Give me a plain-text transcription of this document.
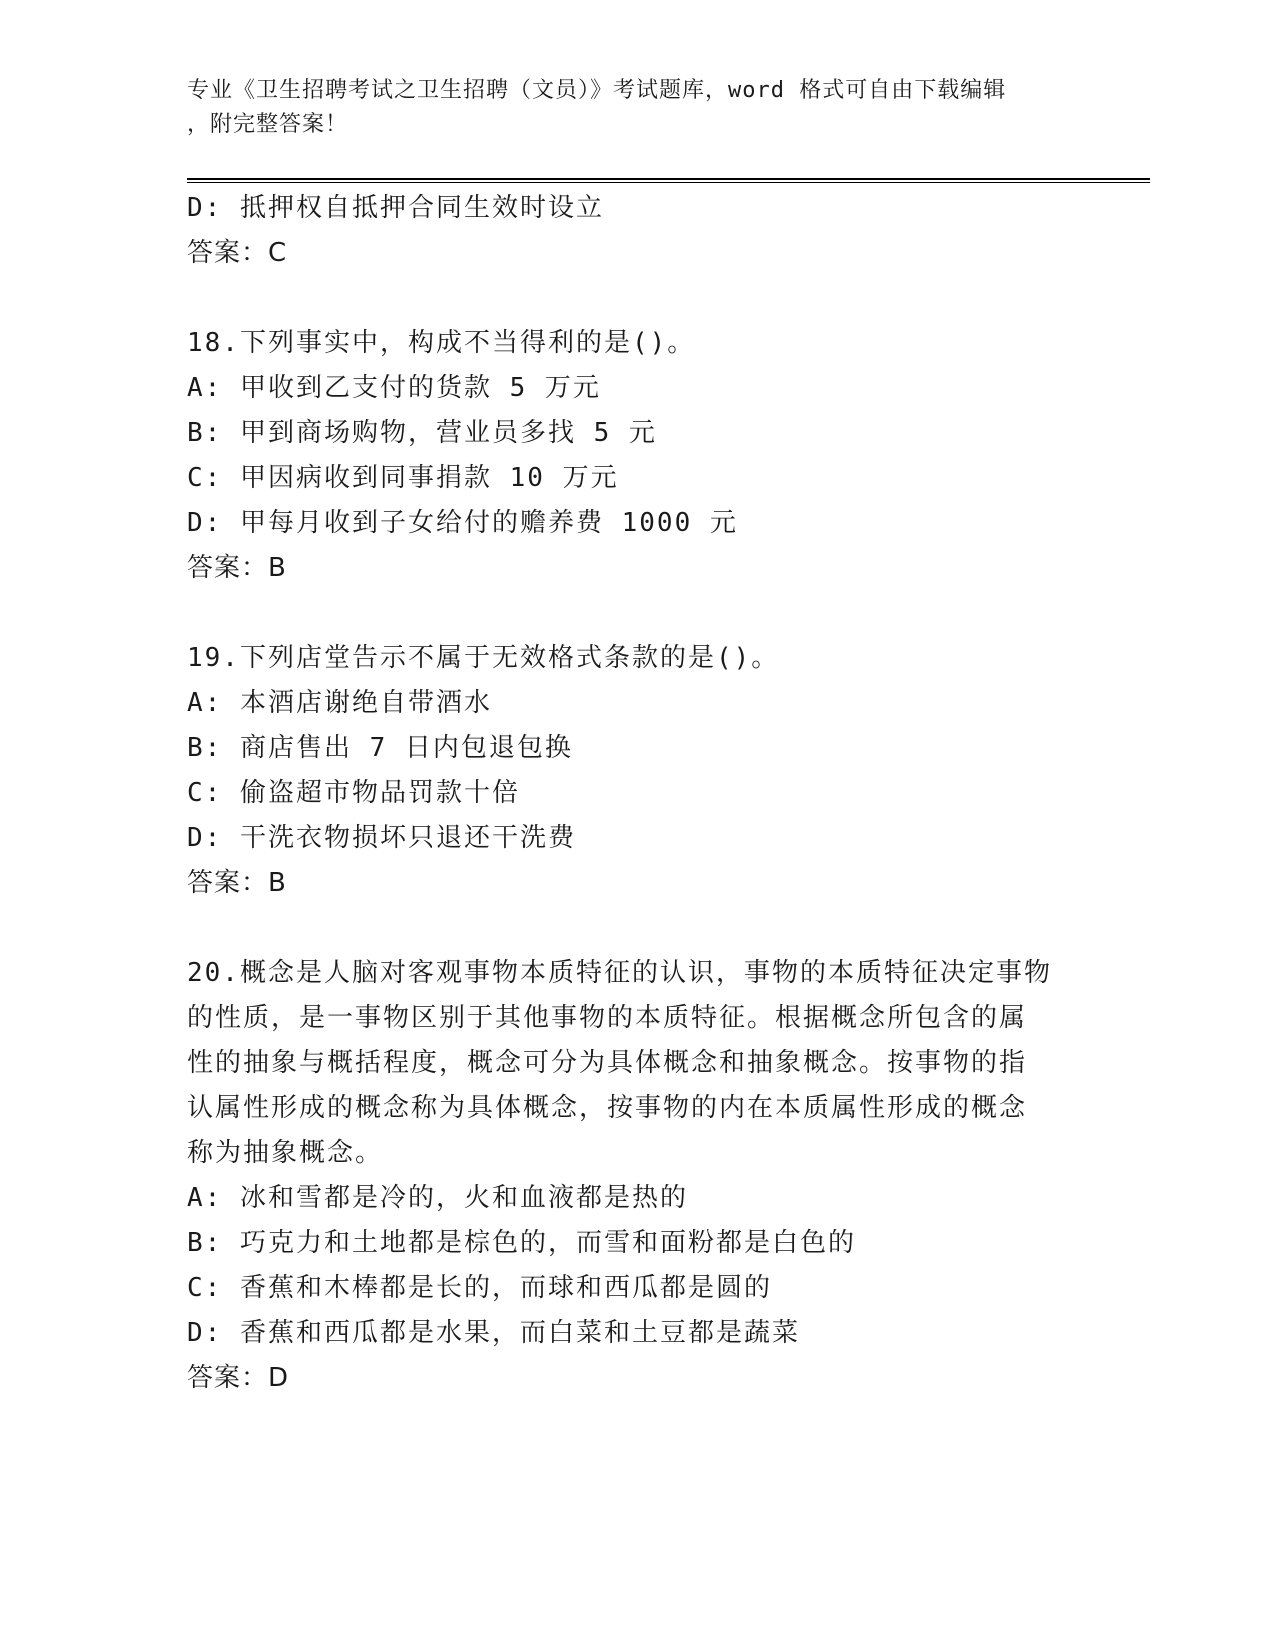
专业《卫生招聘考试之卫生招聘（文员）》考试题库，word 格式可自由下载编辑
，附完整答案！
D: 抵押权自抵押合同生效时设立
答案：C
18.下列事实中，构成不当得利的是()。
A: 甲收到乙支付的货款 5 万元
B: 甲到商场购物，营业员多找 5 元
C: 甲因病收到同事捐款 10 万元
D: 甲每月收到子女给付的赡养费 1000 元
答案：B
19.下列店堂告示不属于无效格式条款的是()。
A: 本酒店谢绝自带酒水
B: 商店售出 7 日内包退包换
C: 偷盗超市物品罚款十倍
D: 干洗衣物损坏只退还干洗费
答案：B
20.概念是人脑对客观事物本质特征的认识，事物的本质特征决定事物
的性质，是一事物区别于其他事物的本质特征。根据概念所包含的属
性的抽象与概括程度，概念可分为具体概念和抽象概念。按事物的指
认属性形成的概念称为具体概念，按事物的内在本质属性形成的概念
称为抽象概念。
A: 冰和雪都是冷的，火和血液都是热的
B: 巧克力和土地都是棕色的，而雪和面粉都是白色的
C: 香蕉和木棒都是长的，而球和西瓜都是圆的
D: 香蕉和西瓜都是水果，而白菜和土豆都是蔬菜
答案：D
